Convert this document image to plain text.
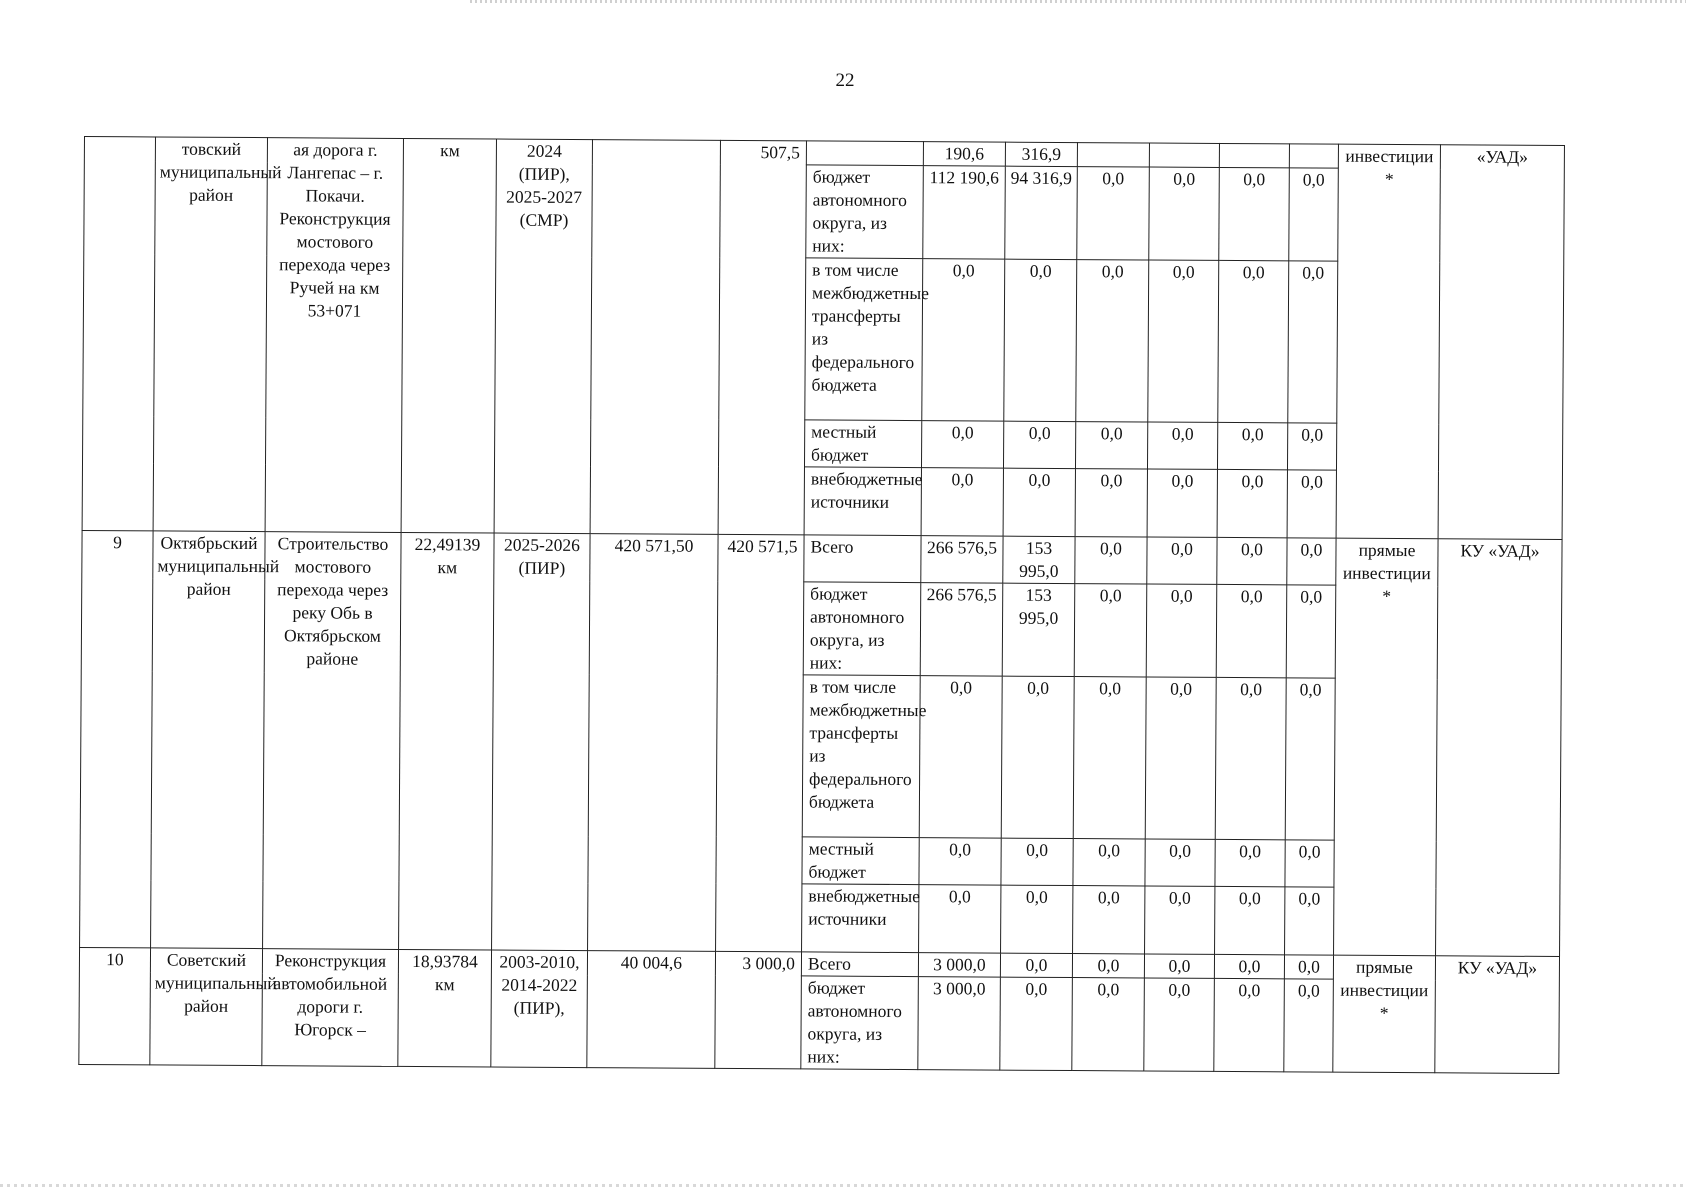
22
	товский муниципальный район	ая дорога г. Лангепас – г. Покачи. Реконструкция мостового перехода через Ручей на км 53+071	км	2024 (ПИР), 2025-2027 (СМР)		507,5		190,6	316,9					инвестиции *	«УАД»
							бюджет автономного округа, из них:	112 190,6	94 316,9	0,0	0,0	0,0	0,0		
							в том числе межбюджетные трансферты из федерального бюджета	0,0	0,0	0,0	0,0	0,0	0,0		
							местный бюджет	0,0	0,0	0,0	0,0	0,0	0,0		
							внебюджетные источники	0,0	0,0	0,0	0,0	0,0	0,0		
9	Октябрьский муниципальный район	Строительство мостового перехода через реку Обь в Октябрьском районе	22,49139 км	2025-2026 (ПИР)	420 571,50	420 571,5	Всего	266 576,5	153 995,0	0,0	0,0	0,0	0,0	прямые инвестиции *	КУ «УАД»
							бюджет автономного округа, из них:	266 576,5	153 995,0	0,0	0,0	0,0	0,0		
							в том числе межбюджетные трансферты из федерального бюджета	0,0	0,0	0,0	0,0	0,0	0,0		
							местный бюджет	0,0	0,0	0,0	0,0	0,0	0,0		
							внебюджетные источники	0,0	0,0	0,0	0,0	0,0	0,0		
10	Советский муниципальный район	Реконструкция автомобильной дороги г. Югорск –	18,93784 км	2003-2010, 2014-2022 (ПИР),	40 004,6	3 000,0	Всего	3 000,0	0,0	0,0	0,0	0,0	0,0	прямые инвестиции *	КУ «УАД»
							бюджет автономного округа, из них:	3 000,0	0,0	0,0	0,0	0,0	0,0		
